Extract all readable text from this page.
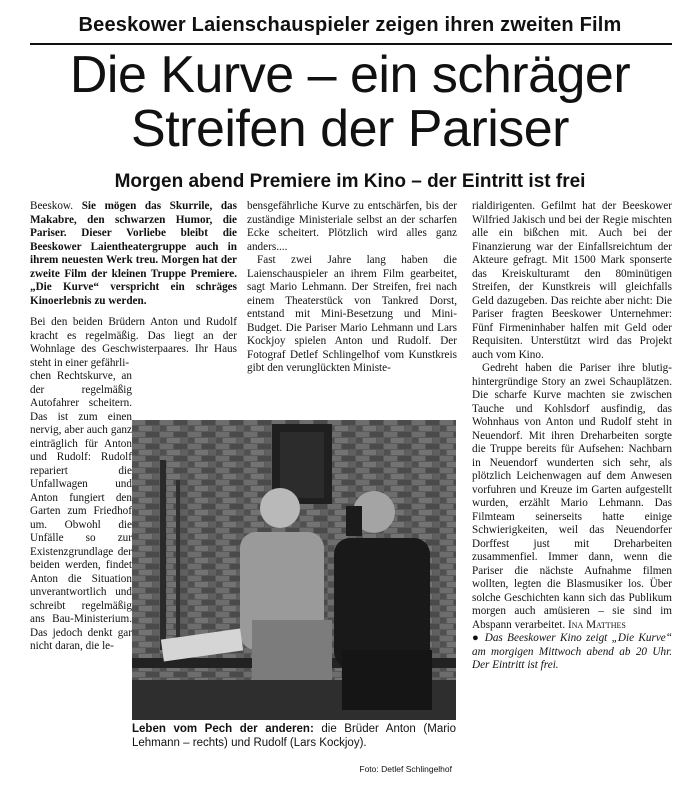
Beeskower Laienschauspieler zeigen ihren zweiten Film
Die Kurve – ein schräger
Streifen der Pariser
Morgen abend Premiere im Kino – der Eintritt ist frei

Beeskow. Sie mögen das Skurrile, das Makabre, den schwarzen Humor, die Pariser. Dieser Vorliebe bleibt die Beeskower Laientheatergruppe auch in ihrem neuesten Werk treu. Morgen hat der zweite Film der kleinen Truppe Premiere. „Die Kurve“ verspricht ein schräges Kinoerlebnis zu werden.

Bei den beiden Brüdern Anton und Rudolf kracht es regelmäßig. Das liegt an der Wohnlage des Geschwisterpaares. Ihr Haus steht in einer gefährli-

chen Rechtskurve, an der regelmäßig Autofahrer scheitern. Das ist zum einen nervig, aber auch ganz einträglich für Anton und Rudolf: Rudolf repariert die Unfallwagen und Anton fungiert den Garten zum Friedhof um. Obwohl die Unfälle so zur Existenzgrundlage der beiden werden, findet Anton die Situation unverantwortlich und schreibt regelmäßig ans Bau-Ministerium. Das jedoch denkt gar nicht daran, die le-

bensgefährliche Kurve zu entschärfen, bis der zuständige Ministeriale selbst an der scharfen Ecke scheitert. Plötzlich wird alles ganz anders....

Fast zwei Jahre lang haben die Laienschauspieler an ihrem Film gearbeitet, sagt Mario Lehmann. Der Streifen, frei nach einem Theaterstück von Tankred Dorst, entstand mit Mini-Besetzung und Mini-Budget. Die Pariser Mario Lehmann und Lars Kockjoy spielen Anton und Rudolf. Der Fotograf Detlef Schlingelhof vom Kunstkreis gibt den verunglückten Ministe-

rialdirigenten. Gefilmt hat der Beeskower Wilfried Jakisch und bei der Regie mischten alle ein bißchen mit. Auch bei der Finanzierung war der Einfallsreichtum der Akteure gefragt. Mit 1500 Mark sponserte das Kreiskulturamt den 80minütigen Streifen, der Kunstkreis will gleichfalls Geld dazugeben. Das reichte aber nicht: Die Pariser fragten Beeskower Unternehmer: Fünf Firmeninhaber halfen mit Geld oder Requisiten. Unterstützt wird das Projekt auch vom Kino.

Gedreht haben die Pariser ihre blutig-hintergründige Story an zwei Schauplätzen. Die scharfe Kurve machten sie zwischen Tauche und Kohlsdorf ausfindig, das Wohnhaus von Anton und Rudolf steht in Neuendorf. Mit ihren Dreharbeiten sorgte die Truppe bereits für Aufsehen: Nachbarn in Neuendorf wunderten sich sehr, als plötzlich Leichenwagen auf dem Anwesen vorfuhren und Kreuze im Garten aufgestellt wurden, erzählt Mario Lehmann. Das Filmteam seinerseits hatte einige Schwierigkeiten, weil das Neuendorfer Dorffest just mit Dreharbeiten zusammenfiel. Immer dann, wenn die Pariser die nächste Aufnahme filmen wollten, legten die Blasmusiker los. Über solche Geschichten kann sich das Publikum morgen auch amüsieren – sie sind im Abspann verarbeitet. Ina Matthes

● Das Beeskower Kino zeigt „Die Kurve“ am morgigen Mittwoch abend ab 20 Uhr. Der Eintritt ist frei.

Leben vom Pech der anderen: die Brüder Anton (Mario Lehmann – rechts) und Rudolf (Lars Kockjoy).
Foto: Detlef Schlingelhof
